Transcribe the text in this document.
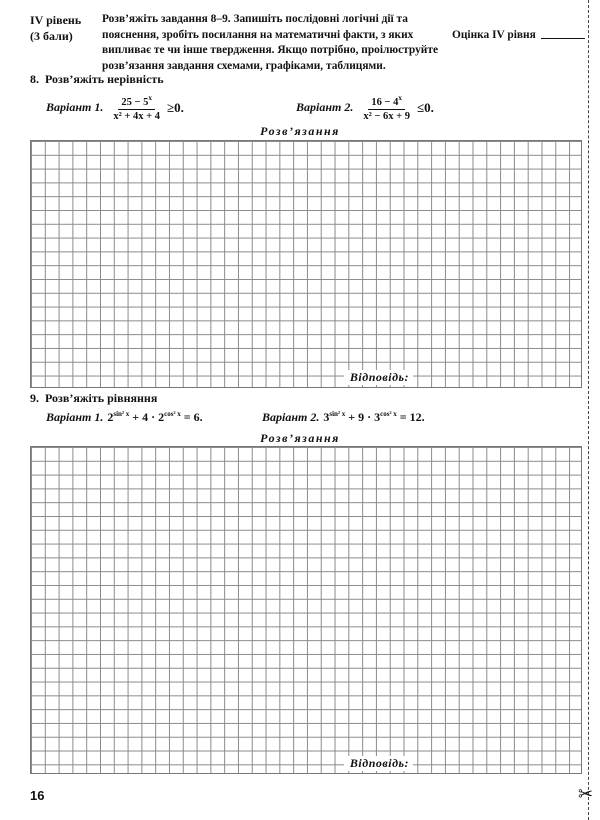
IV рівень
(3 бали)
Розв’яжіть завдання 8–9. Запишіть послідовні логічні дії та пояснення, зробіть посилання на математичні факти, з яких випливає те чи інше твердження. Якщо потрібно, проілюструйте розв’язання завдання схемами, графіками, таблицями.
Оцінка IV рівня
8. Розв’яжіть нерівність
Варіант 1. $\frac{25 - 5^x}{\text{x² + 4x + 4}} \ge 0$.	Варіант 2. $\frac{16 - 4^x}{\text{x² − 6x + 9}} \le 0$.
Розв’язання
Відповідь:
9. Розв’яжіть рівняння
Варіант 1. $2^{sin^2 x} + 4 \cdot 2^{cos^2 x} = 6$.	Варіант 2. $3^{sin^2 x} + 9 \cdot 3^{cos^2 x} = 12$.
Розв’язання
Відповідь:
16	✂
